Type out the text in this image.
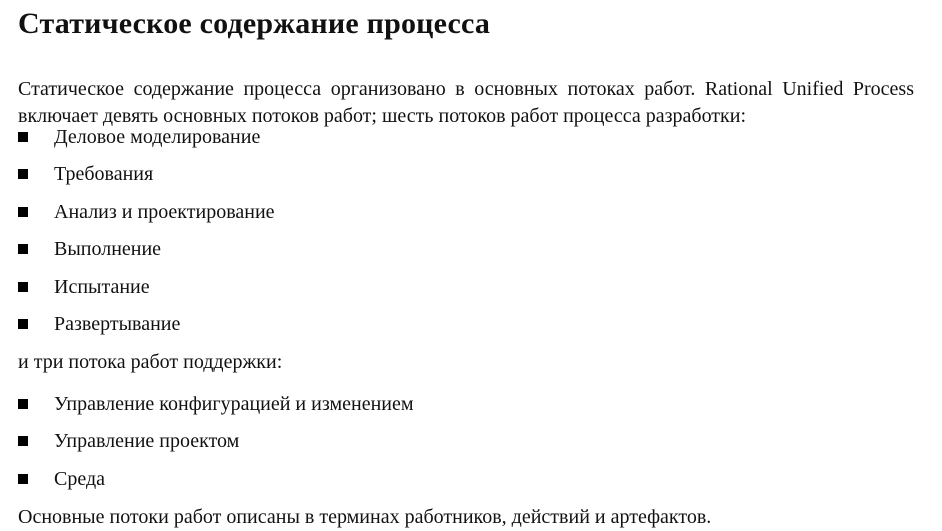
Статическое содержание процесса

Статическое содержание процесса организовано в основных потоках работ. Rational Unified Process включает девять основных потоков работ; шесть потоков работ процесса разработки:

Деловое моделирование
Требования
Анализ и проектирование
Выполнение
Испытание
Развертывание
и три потока работ поддержки:
Управление конфигурацией и изменением
Управление проектом
Среда
Основные потоки работ описаны в терминах работников, действий и артефактов.
